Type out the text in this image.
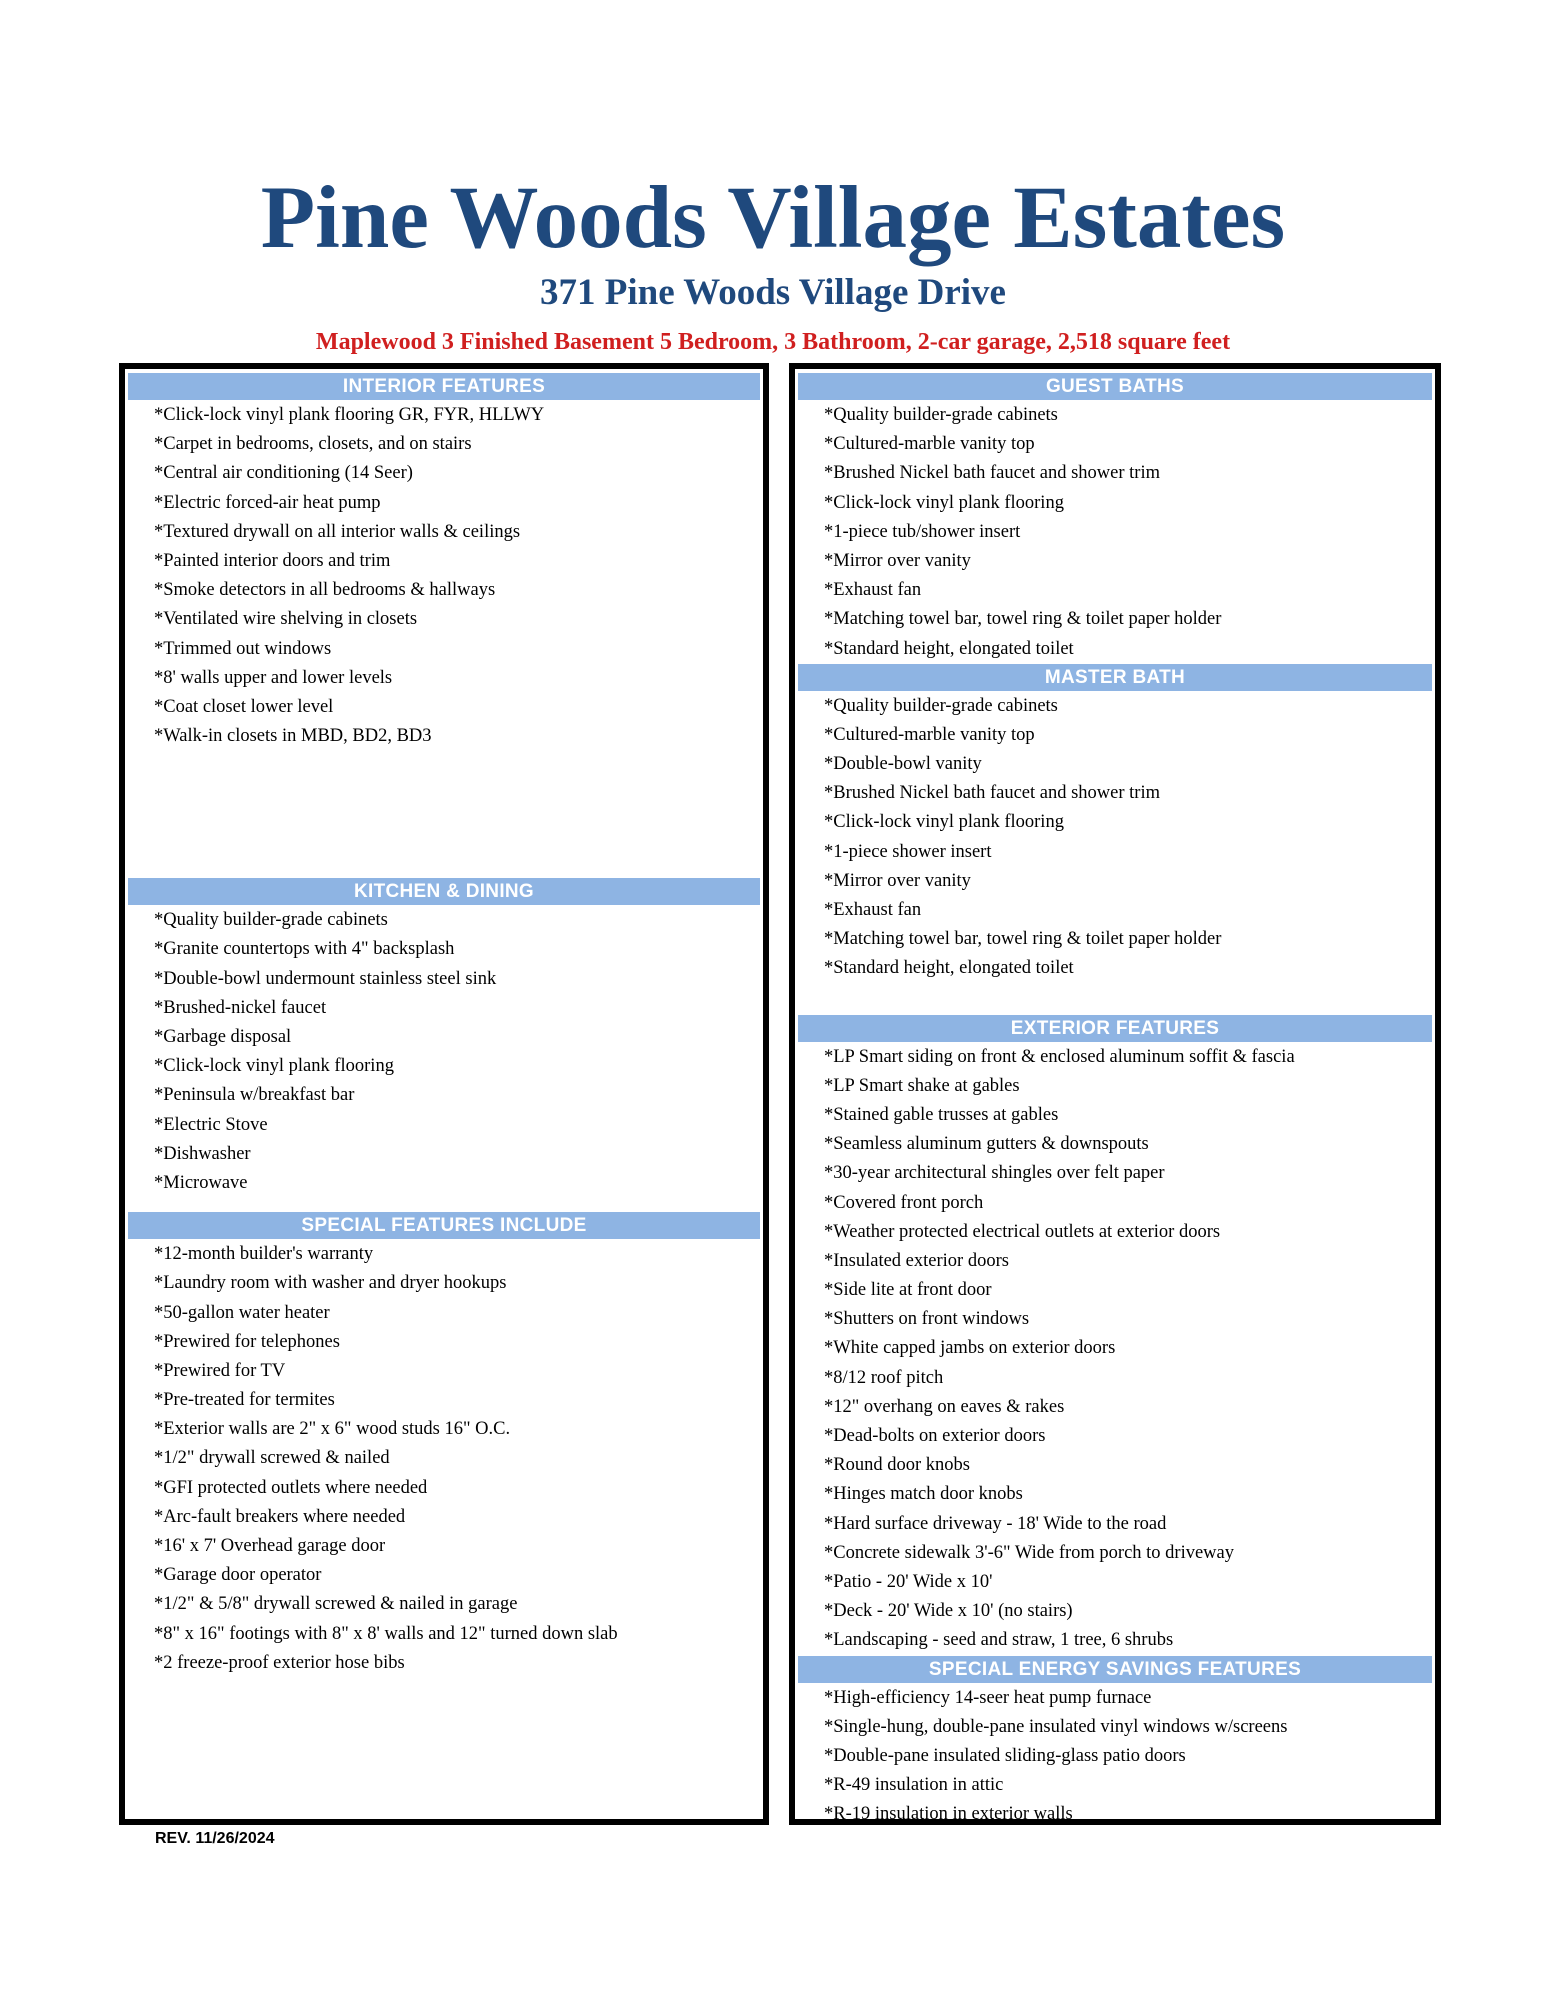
Pine Woods Village Estates
371 Pine Woods Village Drive
Maplewood 3 Finished Basement 5 Bedroom, 3 Bathroom, 2-car garage, 2,518 square feet
INTERIOR FEATURES
*Click-lock vinyl plank flooring GR, FYR, HLLWY
*Carpet in bedrooms, closets, and on stairs
*Central air conditioning (14 Seer)
*Electric forced-air heat pump
*Textured drywall on all interior walls & ceilings
*Painted interior doors and trim
*Smoke detectors in all bedrooms & hallways
*Ventilated wire shelving in closets
*Trimmed out windows
*8' walls upper and lower levels
*Coat closet lower level
*Walk-in closets in MBD, BD2, BD3
KITCHEN & DINING
*Quality builder-grade cabinets
*Granite countertops with 4" backsplash
*Double-bowl undermount stainless steel sink
*Brushed-nickel faucet
*Garbage disposal
*Click-lock vinyl plank flooring
*Peninsula w/breakfast bar
*Electric Stove
*Dishwasher
*Microwave
SPECIAL FEATURES INCLUDE
*12-month builder's warranty
*Laundry room with washer and dryer hookups
*50-gallon water heater
*Prewired for telephones
*Prewired for TV
*Pre-treated for termites
*Exterior walls are 2" x 6" wood studs 16" O.C.
*1/2" drywall screwed & nailed
*GFI protected outlets where needed
*Arc-fault breakers where needed
*16' x 7' Overhead garage door
*Garage door operator
*1/2" & 5/8" drywall screwed & nailed in garage
*8" x 16" footings with 8" x 8' walls and 12" turned down slab
*2 freeze-proof exterior hose bibs
GUEST BATHS
*Quality builder-grade cabinets
*Cultured-marble vanity top
*Brushed Nickel bath faucet and shower trim
*Click-lock vinyl plank flooring
*1-piece tub/shower insert
*Mirror over vanity
*Exhaust fan
*Matching towel bar, towel ring & toilet paper holder
*Standard height, elongated toilet
MASTER BATH
*Quality builder-grade cabinets
*Cultured-marble vanity top
*Double-bowl vanity
*Brushed Nickel bath faucet and shower trim
*Click-lock vinyl plank flooring
*1-piece shower insert
*Mirror over vanity
*Exhaust fan
*Matching towel bar, towel ring & toilet paper holder
*Standard height, elongated toilet
EXTERIOR FEATURES
*LP Smart siding on front & enclosed aluminum soffit & fascia
*LP Smart shake at gables
*Stained gable trusses at gables
*Seamless aluminum gutters & downspouts
*30-year architectural shingles over felt paper
*Covered front porch
*Weather protected electrical outlets at exterior doors
*Insulated exterior doors
*Side lite at front door
*Shutters on front windows
*White capped jambs on exterior doors
*8/12 roof pitch
*12" overhang on eaves & rakes
*Dead-bolts on exterior doors
*Round door knobs
*Hinges match door knobs
*Hard surface driveway - 18' Wide to the road
*Concrete sidewalk 3'-6" Wide from porch to driveway
*Patio - 20' Wide x 10'
*Deck - 20' Wide x 10' (no stairs)
*Landscaping - seed and straw, 1 tree, 6 shrubs
SPECIAL ENERGY SAVINGS FEATURES
*High-efficiency 14-seer heat pump furnace
*Single-hung, double-pane insulated vinyl windows w/screens
*Double-pane insulated sliding-glass patio doors
*R-49 insulation in attic
*R-19 insulation in exterior walls
REV. 11/26/2024
